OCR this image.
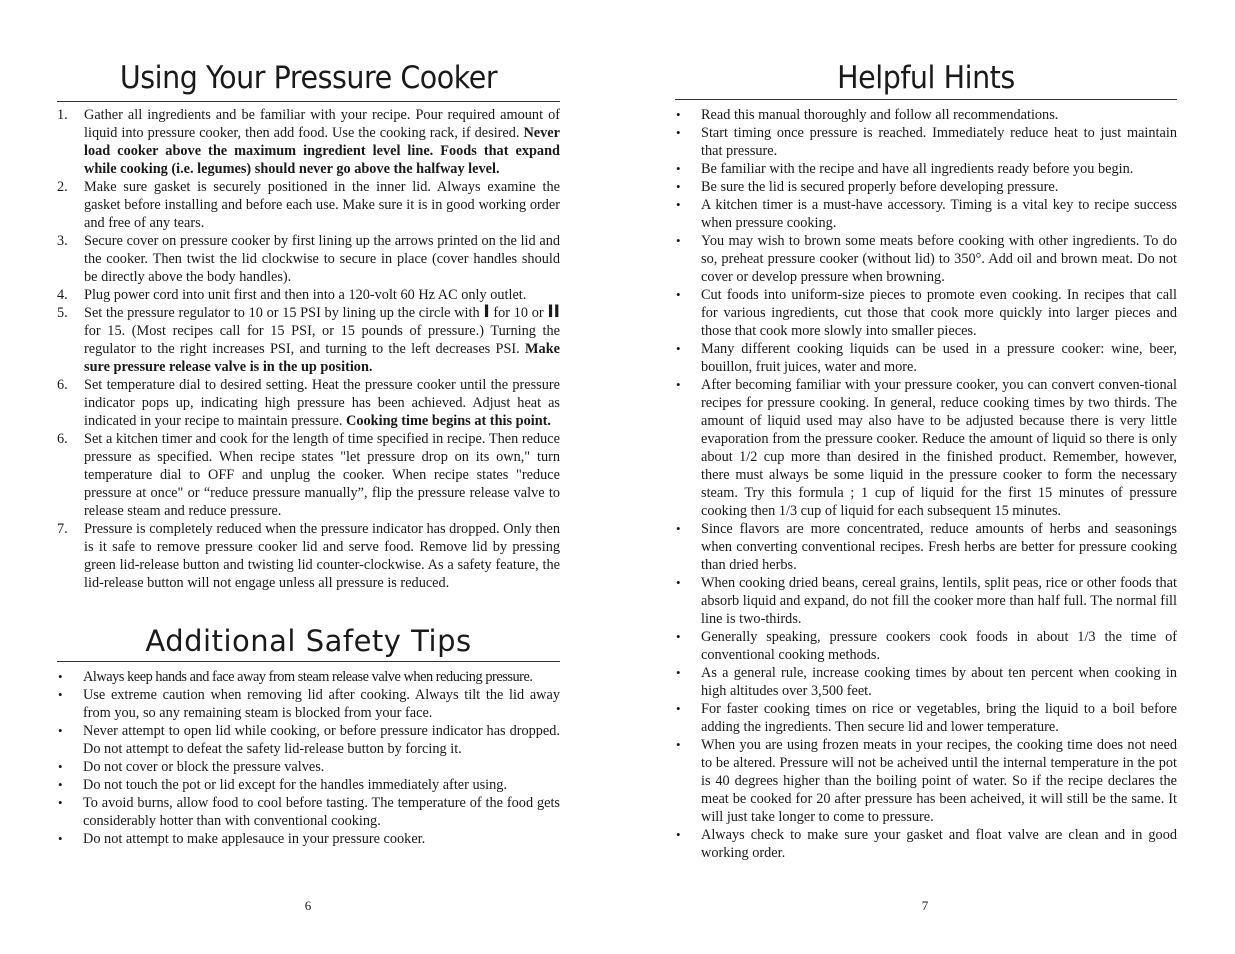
Using Your Pressure Cooker
1. Gather all ingredients and be familiar with your recipe. Pour required amount of liquid into pressure cooker, then add food. Use the cooking rack, if desired. Never load cooker above the maximum ingredient level line. Foods that expand while cooking (i.e. legumes) should never go above the halfway level.
2. Make sure gasket is securely positioned in the inner lid. Always examine the gasket before installing and before each use. Make sure it is in good working order and free of any tears.
3. Secure cover on pressure cooker by first lining up the arrows printed on the lid and the cooker. Then twist the lid clockwise to secure in place (cover handles should be directly above the body handles).
4. Plug power cord into unit first and then into a 120-volt 60 Hz AC only outlet.
5. Set the pressure regulator to 10 or 15 PSI by lining up the circle with I for 10 or II for 15. (Most recipes call for 15 PSI, or 15 pounds of pressure.) Turning the regulator to the right increases PSI, and turning to the left decreases PSI. Make sure pressure release valve is in the up position.
6. Set temperature dial to desired setting. Heat the pressure cooker until the pressure indicator pops up, indicating high pressure has been achieved. Adjust heat as indicated in your recipe to maintain pressure. Cooking time begins at this point.
6. Set a kitchen timer and cook for the length of time specified in recipe. Then reduce pressure as specified. When recipe states "let pressure drop on its own," turn temperature dial to OFF and unplug the cooker. When recipe states "reduce pressure at once" or “reduce pressure manually”, flip the pressure release valve to release steam and reduce pressure.
7. Pressure is completely reduced when the pressure indicator has dropped. Only then is it safe to remove pressure cooker lid and serve food. Remove lid by pressing green lid-release button and twisting lid counter-clockwise. As a safety feature, the lid-release button will not engage unless all pressure is reduced.
Additional Safety Tips
• Always keep hands and face away from steam release valve when reducing pressure.
• Use extreme caution when removing lid after cooking. Always tilt the lid away from you, so any remaining steam is blocked from your face.
• Never attempt to open lid while cooking, or before pressure indicator has dropped. Do not attempt to defeat the safety lid-release button by forcing it.
• Do not cover or block the pressure valves.
• Do not touch the pot or lid except for the handles immediately after using.
• To avoid burns, allow food to cool before tasting. The temperature of the food gets considerably hotter than with conventional cooking.
• Do not attempt to make applesauce in your pressure cooker.
6
Helpful Hints
• Read this manual thoroughly and follow all recommendations.
• Start timing once pressure is reached. Immediately reduce heat to just maintain that pressure.
• Be familiar with the recipe and have all ingredients ready before you begin.
• Be sure the lid is secured properly before developing pressure.
• A kitchen timer is a must-have accessory. Timing is a vital key to recipe success when pressure cooking.
• You may wish to brown some meats before cooking with other ingredients. To do so, preheat pressure cooker (without lid) to 350°. Add oil and brown meat. Do not cover or develop pressure when browning.
• Cut foods into uniform-size pieces to promote even cooking. In recipes that call for various ingredients, cut those that cook more quickly into larger pieces and those that cook more slowly into smaller pieces.
• Many different cooking liquids can be used in a pressure cooker: wine, beer, bouillon, fruit juices, water and more.
• After becoming familiar with your pressure cooker, you can convert conven-tional recipes for pressure cooking. In general, reduce cooking times by two thirds. The amount of liquid used may also have to be adjusted because there is very little evaporation from the pressure cooker. Reduce the amount of liquid so there is only about 1/2 cup more than desired in the finished product. Remember, however, there must always be some liquid in the pressure cooker to form the necessary steam. Try this formula ; 1 cup of liquid for the first 15 minutes of pressure cooking then 1/3 cup of liquid for each subsequent 15 minutes.
• Since flavors are more concentrated, reduce amounts of herbs and seasonings when converting conventional recipes. Fresh herbs are better for pressure cooking than dried herbs.
• When cooking dried beans, cereal grains, lentils, split peas, rice or other foods that absorb liquid and expand, do not fill the cooker more than half full. The normal fill line is two-thirds.
• Generally speaking, pressure cookers cook foods in about 1/3 the time of conventional cooking methods.
• As a general rule, increase cooking times by about ten percent when cooking in high altitudes over 3,500 feet.
• For faster cooking times on rice or vegetables, bring the liquid to a boil before adding the ingredients. Then secure lid and lower temperature.
• When you are using frozen meats in your recipes, the cooking time does not need to be altered. Pressure will not be acheived until the internal temperature in the pot is 40 degrees higher than the boiling point of water. So if the recipe declares the meat be cooked for 20 after pressure has been acheived, it will still be the same. It will just take longer to come to pressure.
• Always check to make sure your gasket and float valve are clean and in good working order.
7
